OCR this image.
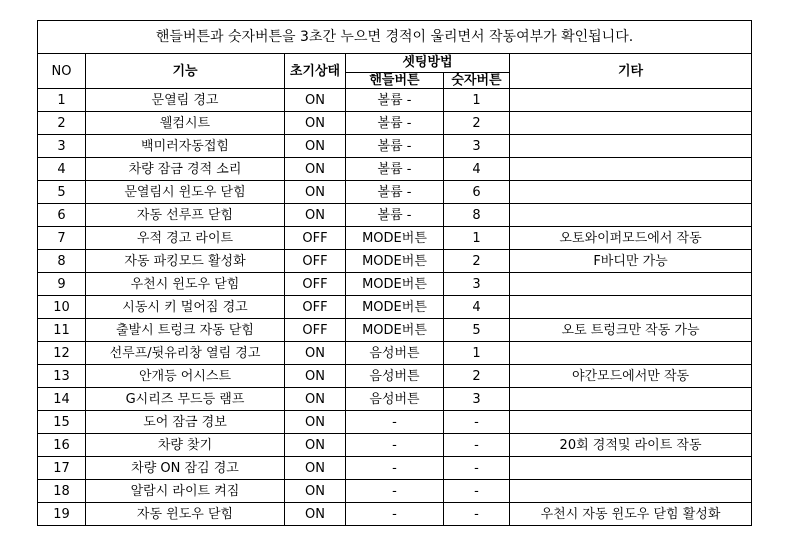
핸들버튼과 숫자버튼을 3초간 누으면 경적이 울리면서 작동여부가 확인됩니다.					
NO	기능	초기상태	셋팅방법		기타
			핸들버튼	숫자버튼	
1	문열림 경고	ON	볼륨 -	1	
2	웰컴시트	ON	볼륨 -	2	
3	백미러자동접힘	ON	볼륨 -	3	
4	차량 잠금 경적 소리	ON	볼륨 -	4	
5	문열림시 윈도우 닫힘	ON	볼륨 -	6	
6	자동 선루프 닫힘	ON	볼륨 -	8	
7	우적 경고 라이트	OFF	MODE버튼	1	오토와이퍼모드에서 작동
8	자동 파킹모드 활성화	OFF	MODE버튼	2	F바디만 가능
9	우천시 윈도우 닫힘	OFF	MODE버튼	3	
10	시동시 키 멀어짐 경고	OFF	MODE버튼	4	
11	출발시 트렁크 자동 닫힘	OFF	MODE버튼	5	오토 트렁크만 작동 가능
12	선루프/뒷유리창 열림 경고	ON	음성버튼	1	
13	안개등 어시스트	ON	음성버튼	2	야간모드에서만 작동
14	G시리즈 무드등 램프	ON	음성버튼	3	
15	도어 잠금 경보	ON	-	-	
16	차량 찾기	ON	-	-	20회 경적및 라이트 작동
17	차량 ON 잠김 경고	ON	-	-	
18	알람시 라이트 켜짐	ON	-	-	
19	자동 윈도우 닫힘	ON	-	-	우천시 자동 윈도우 닫힘 활성화
